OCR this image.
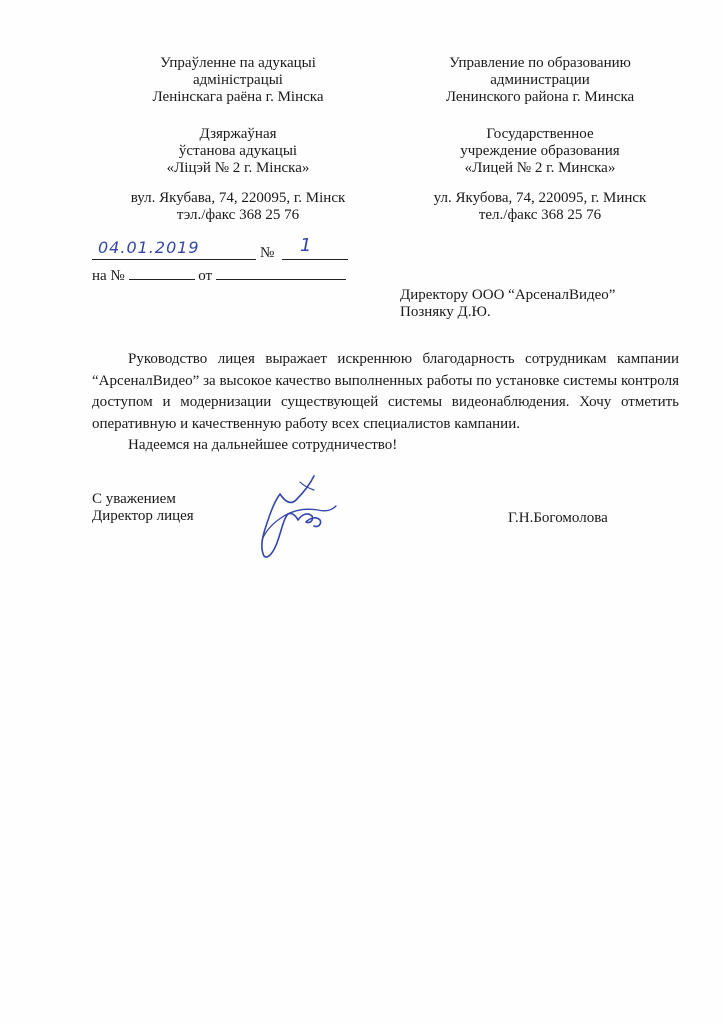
Упраўленне па адукацыі
адміністрацыі
Ленінскага раёна г. Мінска
Дзяржаўная
ўстанова адукацыі
«Ліцэй № 2 г. Мінска»
вул. Якубава, 74, 220095, г. Мінск
тэл./факс 368 25 76
Управление по образованию
администрации
Ленинского района г. Минска
Государственное
учреждение образования
«Лицей № 2 г. Минска»
ул. Якубова, 74, 220095, г. Минск
тел./факс 368 25 76
04.01.2019	№ 1
на №	от
Директору ООО “АрсеналВидео”
Позняку Д.Ю.

Руководство лицея выражает искреннюю благодарность сотрудникам кампании “АрсеналВидео” за высокое качество выполненных работы по установке системы контроля доступом и модернизации существующей системы видеонаблюдения. Хочу отметить оперативную и качественную работу всех специалистов кампании.

Надеемся на дальнейшее сотрудничество!

С уважением
Директор лицея	Г.Н.Богомолова
